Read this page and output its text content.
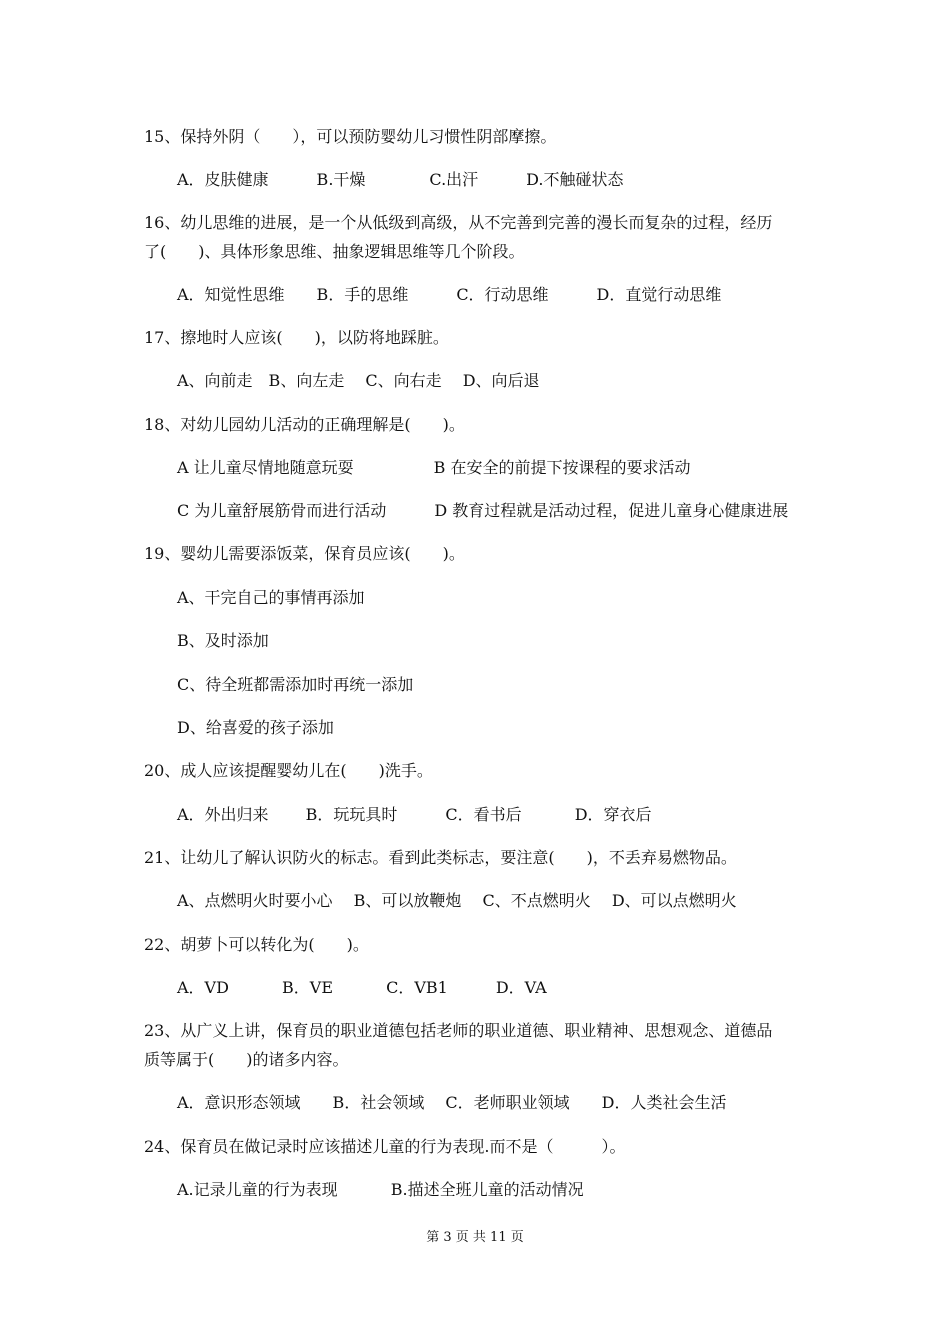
15、保持外阴（　　），可以预防婴幼儿习惯性阴部摩擦。
A．皮肤健康　　　B.干燥　　　　C.出汗　　　D.不触碰状态
16、幼儿思维的进展，是一个从低级到高级，从不完善到完善的漫长而复杂的过程，经历
了(　　)、具体形象思维、抽象逻辑思维等几个阶段。
A．知觉性思维　　B．手的思维　　　C．行动思维　　　D．直觉行动思维
17、擦地时人应该(　　)，以防将地踩脏。
A、向前走　B、向左走　 C、向右走　 D、向后退
18、对幼儿园幼儿活动的正确理解是(　　)。
A 让儿童尽情地随意玩耍　　　　　B 在安全的前提下按课程的要求活动
C 为儿童舒展筋骨而进行活动　　　D 教育过程就是活动过程，促进儿童身心健康进展
19、婴幼儿需要添饭菜，保育员应该(　　)。
A、干完自己的事情再添加
B、及时添加
C、待全班都需添加时再统一添加
D、给喜爱的孩子添加
20、成人应该提醒婴幼儿在(　　)洗手。
A．外出归来　　 B．玩玩具时　　　C．看书后　　　 D．穿衣后
21、让幼儿了解认识防火的标志。看到此类标志，要注意(　　)，不丢弃易燃物品。
A、点燃明火时要小心　 B、可以放鞭炮　 C、不点燃明火　 D、可以点燃明火
22、胡萝卜可以转化为(　　)。
A．VD　　　 B．VE　　　 C．VB1　　　D．VA
23、从广义上讲，保育员的职业道德包括老师的职业道德、职业精神、思想观念、道德品
质等属于(　　)的诸多内容。
A．意识形态领域　　B．社会领域　 C．老师职业领域　　D．人类社会生活
24、保育员在做记录时应该描述儿童的行为表现.而不是（　　　）。
A.记录儿童的行为表现　　　 B.描述全班儿童的活动情况
第 3 页 共 11 页
